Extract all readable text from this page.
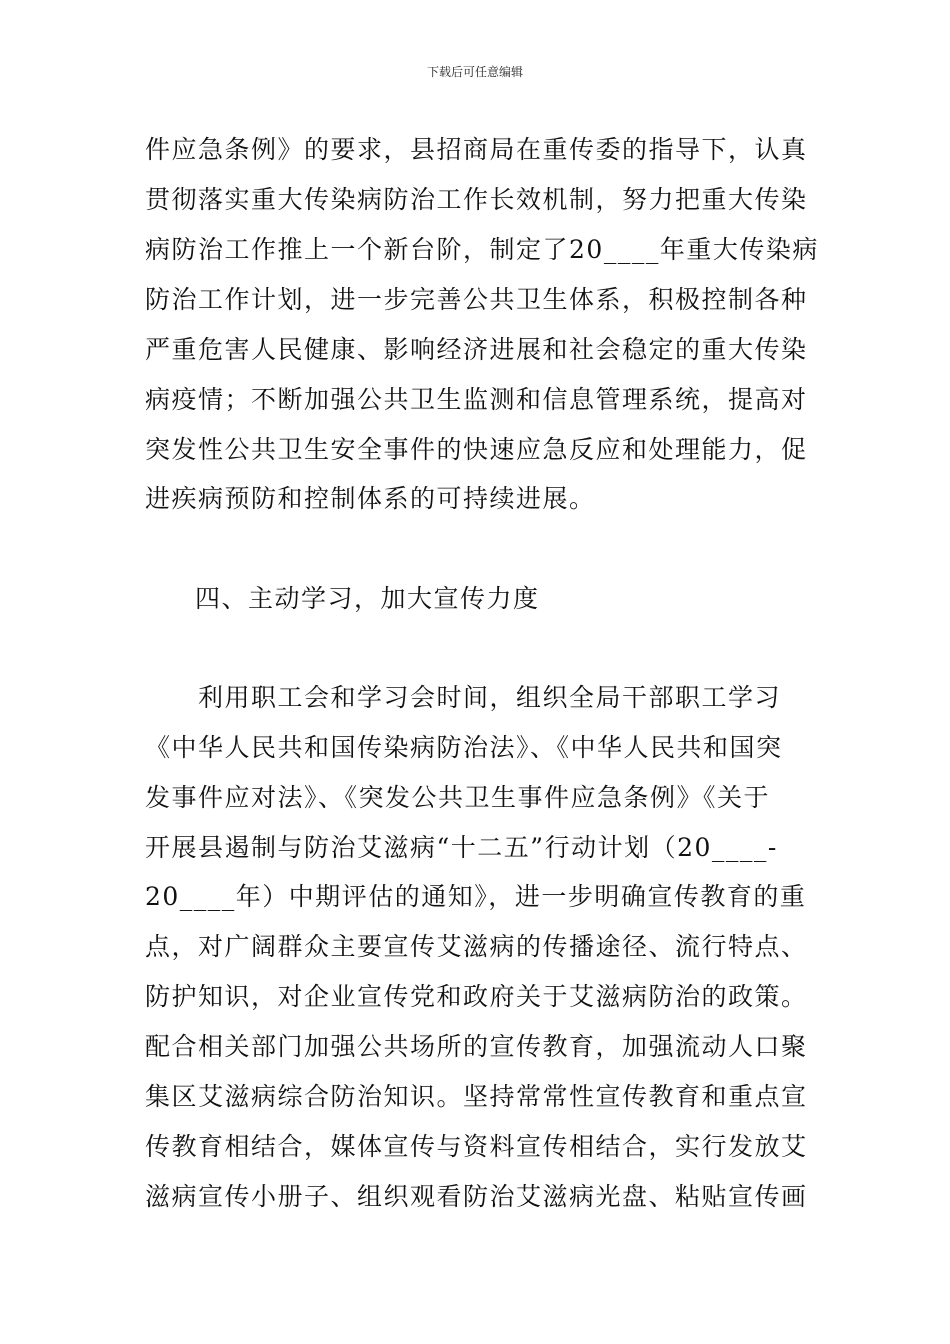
下载后可任意编辑
件应急条例》的要求，县招商局在重传委的指导下，认真
贯彻落实重大传染病防治工作长效机制，努力把重大传染
病防治工作推上一个新台阶，制定了20____年重大传染病
防治工作计划，进一步完善公共卫生体系，积极控制各种
严重危害人民健康、影响经济进展和社会稳定的重大传染
病疫情；不断加强公共卫生监测和信息管理系统，提高对
突发性公共卫生安全事件的快速应急反应和处理能力，促
进疾病预防和控制体系的可持续进展。
四、主动学习，加大宣传力度
利用职工会和学习会时间，组织全局干部职工学习
《中华人民共和国传染病防治法》、《中华人民共和国突
发事件应对法》、《突发公共卫生事件应急条例》《关于
开展县遏制与防治艾滋病“十二五”行动计划（20____-
20____年）中期评估的通知》，进一步明确宣传教育的重
点，对广阔群众主要宣传艾滋病的传播途径、流行特点、
防护知识，对企业宣传党和政府关于艾滋病防治的政策。
配合相关部门加强公共场所的宣传教育，加强流动人口聚
集区艾滋病综合防治知识。坚持常常性宣传教育和重点宣
传教育相结合，媒体宣传与资料宣传相结合，实行发放艾
滋病宣传小册子、组织观看防治艾滋病光盘、粘贴宣传画
